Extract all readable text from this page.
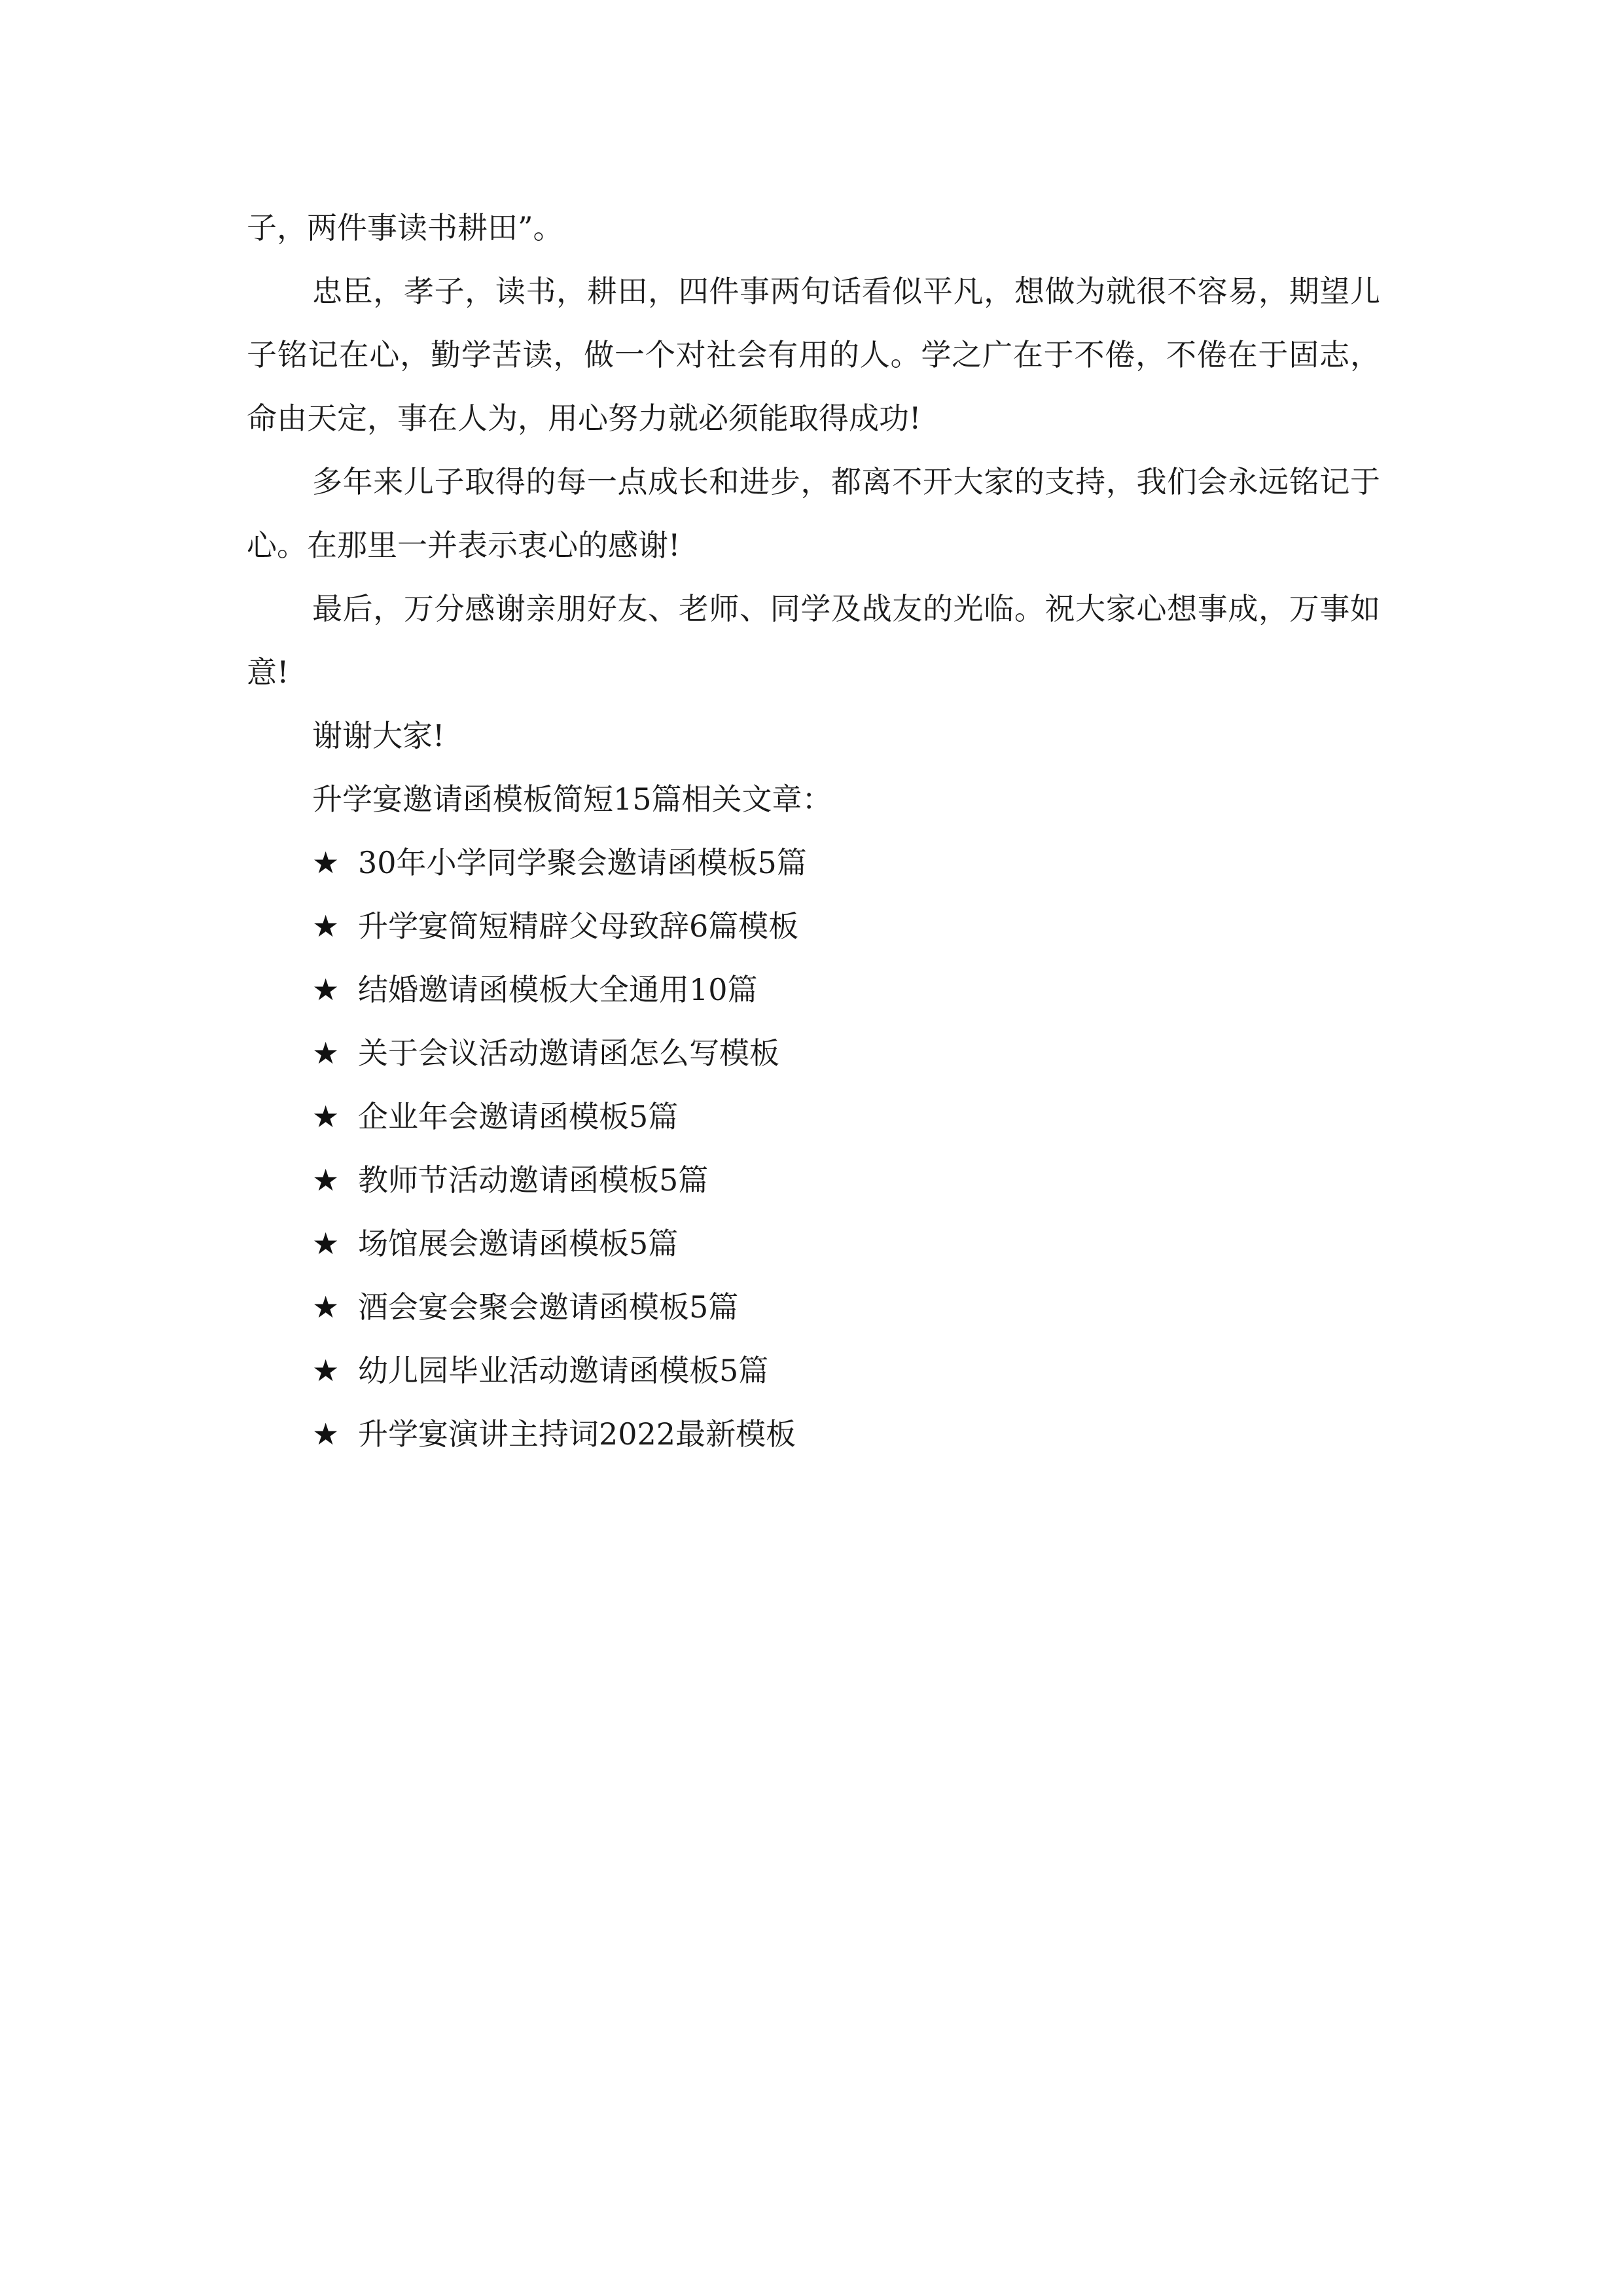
子，两件事读书耕田”。

忠臣，孝子，读书，耕田，四件事两句话看似平凡，想做为就很不容易，期望儿子铭记在心，勤学苦读，做一个对社会有用的人。学之广在于不倦，不倦在于固志，命由天定，事在人为，用心努力就必须能取得成功!

多年来儿子取得的每一点成长和进步，都离不开大家的支持，我们会永远铭记于心。在那里一并表示衷心的感谢!

最后，万分感谢亲朋好友、老师、同学及战友的光临。祝大家心想事成，万事如意!

谢谢大家!

升学宴邀请函模板简短15篇相关文章：

★ 30年小学同学聚会邀请函模板5篇
★ 升学宴简短精辟父母致辞6篇模板
★ 结婚邀请函模板大全通用10篇
★ 关于会议活动邀请函怎么写模板
★ 企业年会邀请函模板5篇
★ 教师节活动邀请函模板5篇
★ 场馆展会邀请函模板5篇
★ 酒会宴会聚会邀请函模板5篇
★ 幼儿园毕业活动邀请函模板5篇
★ 升学宴演讲主持词2022最新模板
